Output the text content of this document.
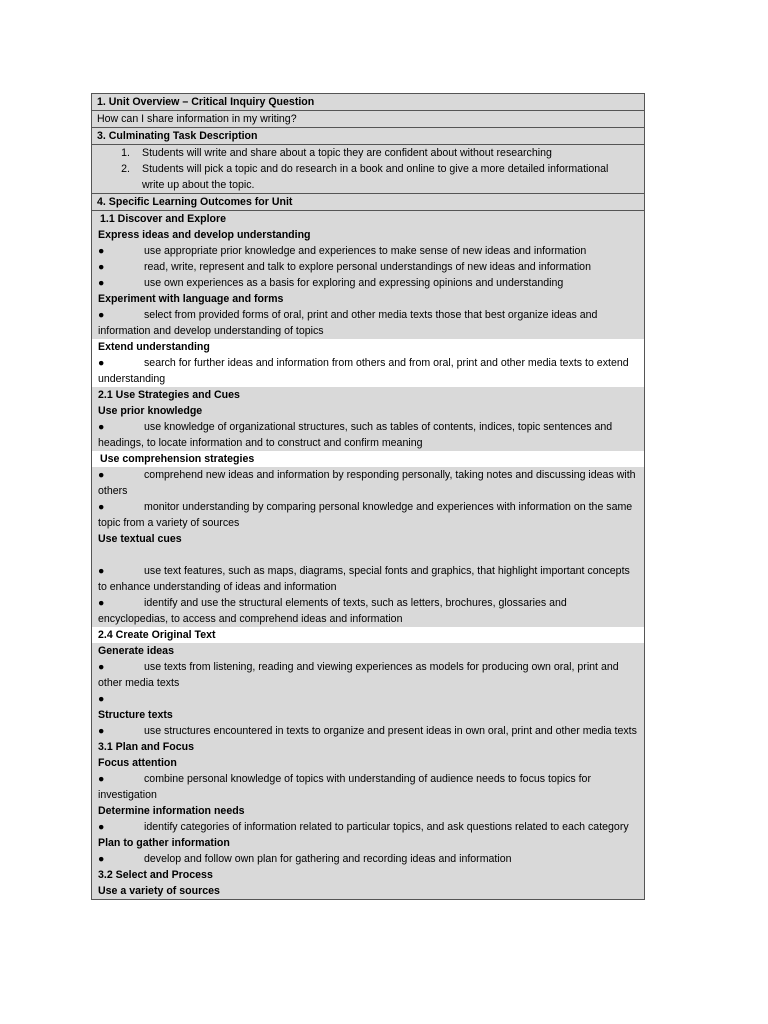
1. Unit Overview – Critical Inquiry Question
How can I share information in my writing?
3. Culminating Task Description
1.	Students will write and share about a topic they are confident about without researching
2.	Students will pick a topic and do research in a book and online to give a more detailed informational write up about the topic.
4. Specific Learning Outcomes for Unit
1.1 Discover and Explore
Express ideas and develop understanding
●	use appropriate prior knowledge and experiences to make sense of new ideas and information
●	read, write, represent and talk to explore personal understandings of new ideas and information
●	use own experiences as a basis for exploring and expressing opinions and understanding
Experiment with language and forms
●	select from provided forms of oral, print and other media texts those that best organize ideas and information and develop understanding of topics
Extend understanding
●	search for further ideas and information from others and from oral, print and other media texts to extend understanding
2.1 Use Strategies and Cues
Use prior knowledge
●	use knowledge of organizational structures, such as tables of contents, indices, topic sentences and headings, to locate information and to construct and confirm meaning
Use comprehension strategies
●	comprehend new ideas and information by responding personally, taking notes and discussing ideas with others
●	monitor understanding by comparing personal knowledge and experiences with information on the same topic from a variety of sources
Use textual cues
●	use text features, such as maps, diagrams, special fonts and graphics, that highlight important concepts to enhance understanding of ideas and information
●	identify and use the structural elements of texts, such as letters, brochures, glossaries and encyclopedias, to access and comprehend ideas and information
2.4 Create Original Text
Generate ideas
●	use texts from listening, reading and viewing experiences as models for producing own oral, print and other media texts
●

Structure texts
●	use structures encountered in texts to organize and present ideas in own oral, print and other media texts
3.1 Plan and Focus
Focus attention
●	combine personal knowledge of topics with understanding of audience needs to focus topics for investigation
Determine information needs
●	identify categories of information related to particular topics, and ask questions related to each category
Plan to gather information
●	develop and follow own plan for gathering and recording ideas and information
3.2 Select and Process
Use a variety of sources
